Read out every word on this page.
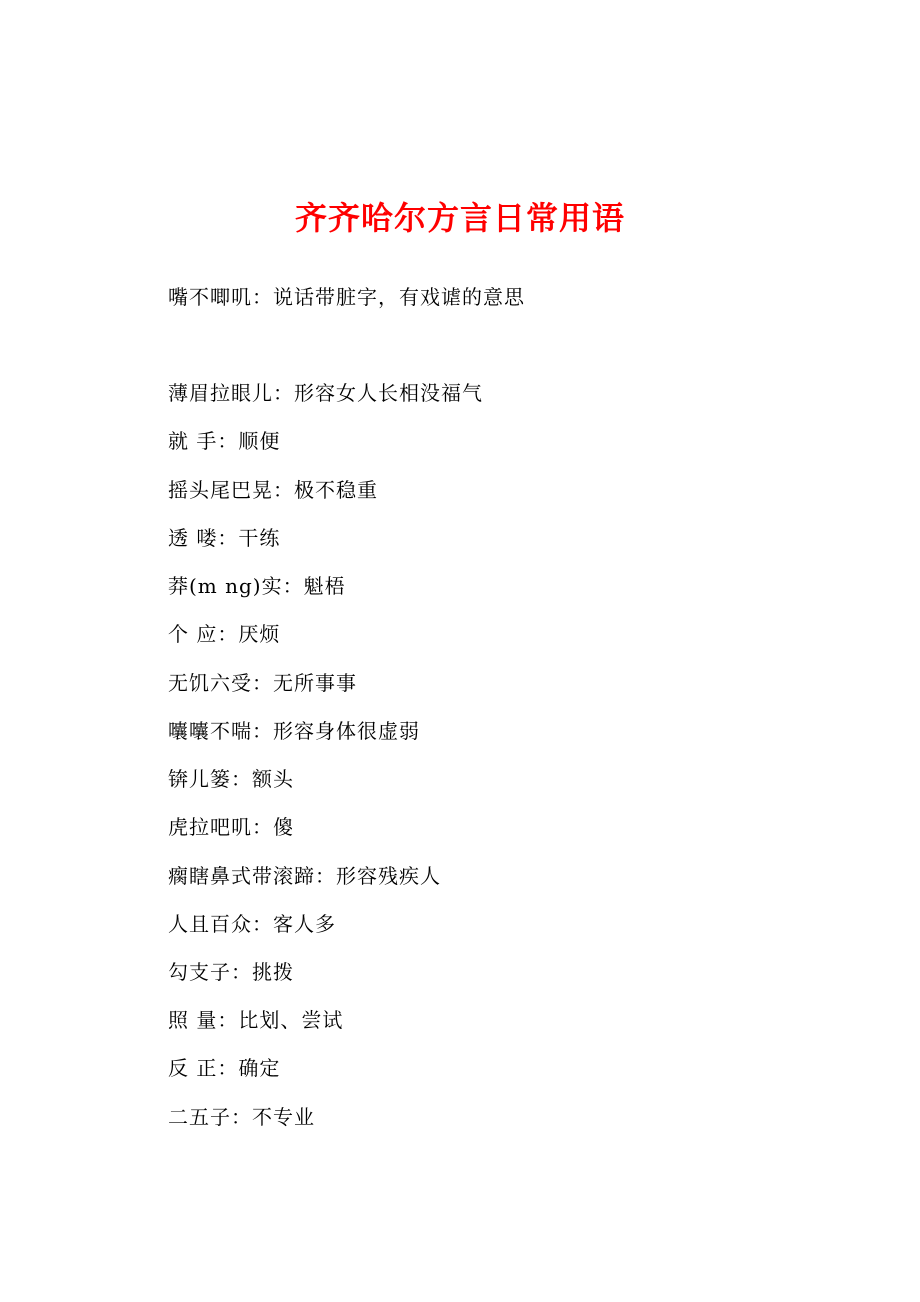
齐齐哈尔方言日常用语
嘴不唧叽：说话带脏字，有戏谑的意思
薄眉拉眼儿：形容女人长相没福气
就 手：顺便
摇头尾巴晃：极不稳重
透 喽：干练
莽(m ng)实：魁梧
个 应：厌烦
无饥六受：无所事事
囔囔不喘：形容身体很虚弱
锛儿篓：额头
虎拉吧叽：傻
瘸瞎鼻式带滚蹄：形容残疾人
人且百众：客人多
勾支子：挑拨
照 量：比划、尝试
反 正：确定
二五子：不专业
